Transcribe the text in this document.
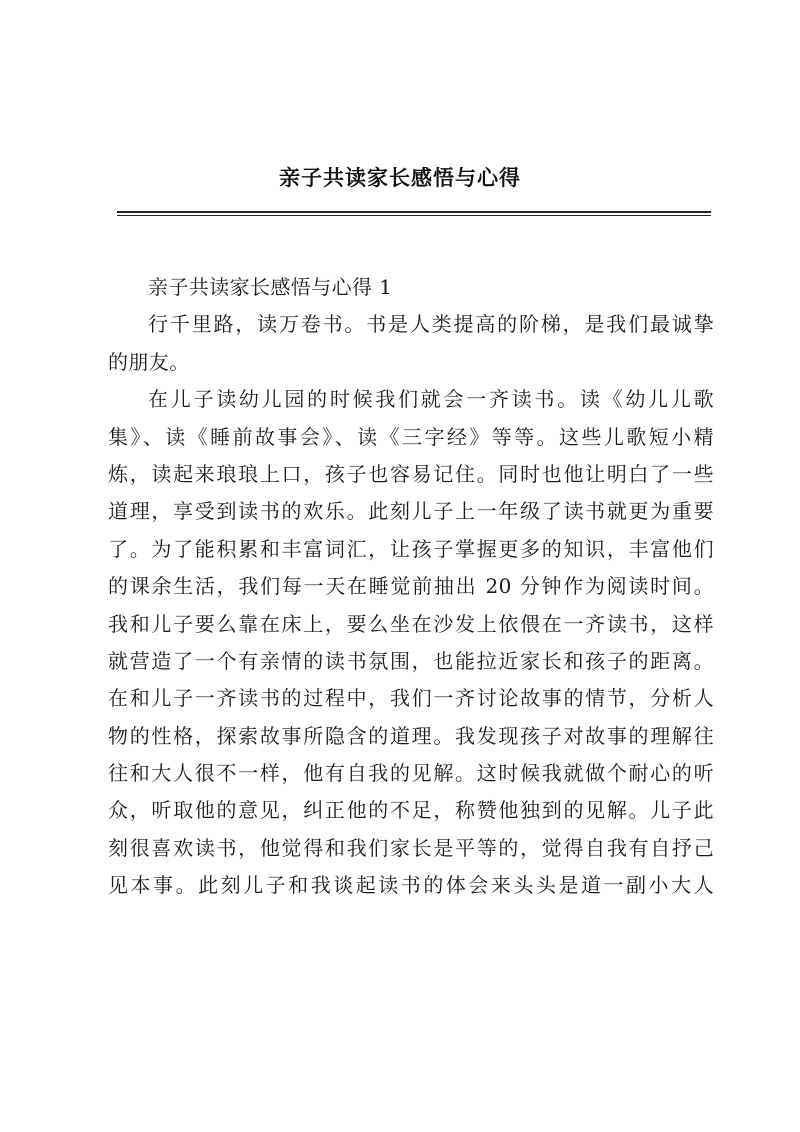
亲子共读家长感悟与心得
亲子共读家长感悟与心得 1
行千里路，读万卷书。书是人类提高的阶梯，是我们最诚挚
的朋友。
在儿子读幼儿园的时候我们就会一齐读书。读《幼儿儿歌
集》、读《睡前故事会》、读《三字经》等等。这些儿歌短小精
炼，读起来琅琅上口，孩子也容易记住。同时也他让明白了一些
道理，享受到读书的欢乐。此刻儿子上一年级了读书就更为重要
了。为了能积累和丰富词汇，让孩子掌握更多的知识，丰富他们
的课余生活，我们每一天在睡觉前抽出 20 分钟作为阅读时间。
我和儿子要么靠在床上，要么坐在沙发上依偎在一齐读书，这样
就营造了一个有亲情的读书氛围，也能拉近家长和孩子的距离。
在和儿子一齐读书的过程中，我们一齐讨论故事的情节，分析人
物的性格，探索故事所隐含的道理。我发现孩子对故事的理解往
往和大人很不一样，他有自我的见解。这时候我就做个耐心的听
众，听取他的意见，纠正他的不足，称赞他独到的见解。儿子此
刻很喜欢读书，他觉得和我们家长是平等的，觉得自我有自抒己
见本事。此刻儿子和我谈起读书的体会来头头是道一副小大人
